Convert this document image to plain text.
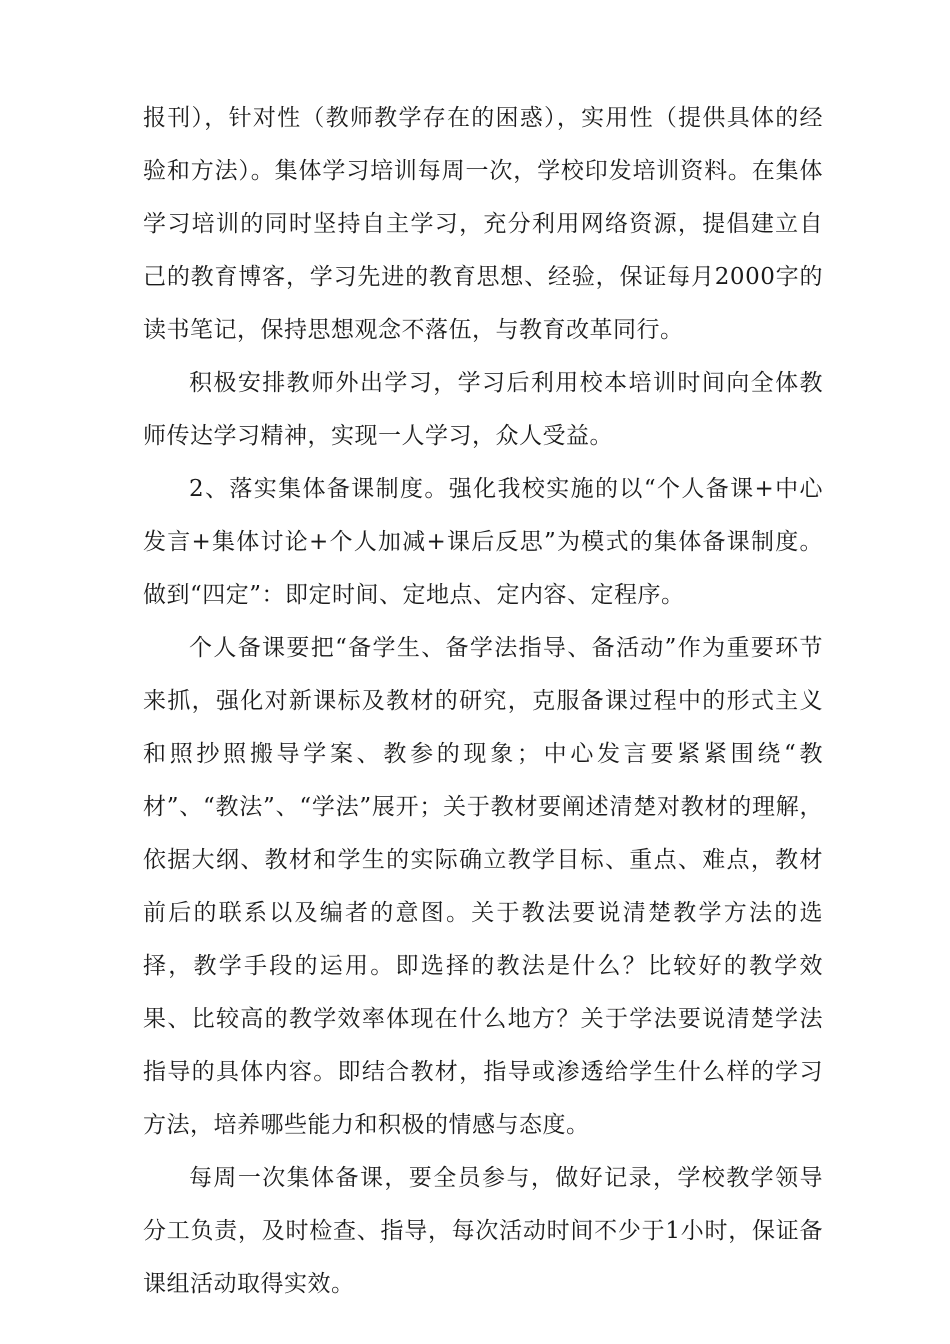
报刊），针对性（教师教学存在的困惑），实用性（提供具体的经验和方法）。集体学习培训每周一次，学校印发培训资料。在集体学习培训的同时坚持自主学习，充分利用网络资源，提倡建立自己的教育博客，学习先进的教育思想、经验，保证每月2000字的读书笔记，保持思想观念不落伍，与教育改革同行。

积极安排教师外出学习，学习后利用校本培训时间向全体教师传达学习精神，实现一人学习，众人受益。

2、落实集体备课制度。强化我校实施的以“个人备课+中心发言+集体讨论+个人加减+课后反思”为模式的集体备课制度。做到“四定”：即定时间、定地点、定内容、定程序。

个人备课要把“备学生、备学法指导、备活动”作为重要环节来抓，强化对新课标及教材的研究，克服备课过程中的形式主义和照抄照搬导学案、教参的现象；中心发言要紧紧围绕“教材”、“教法”、“学法”展开；关于教材要阐述清楚对教材的理解，依据大纲、教材和学生的实际确立教学目标、重点、难点，教材前后的联系以及编者的意图。关于教法要说清楚教学方法的选择，教学手段的运用。即选择的教法是什么？比较好的教学效果、比较高的教学效率体现在什么地方？关于学法要说清楚学法指导的具体内容。即结合教材，指导或渗透给学生什么样的学习方法，培养哪些能力和积极的情感与态度。

每周一次集体备课，要全员参与，做好记录，学校教学领导分工负责，及时检查、指导，每次活动时间不少于1小时，保证备课组活动取得实效。
